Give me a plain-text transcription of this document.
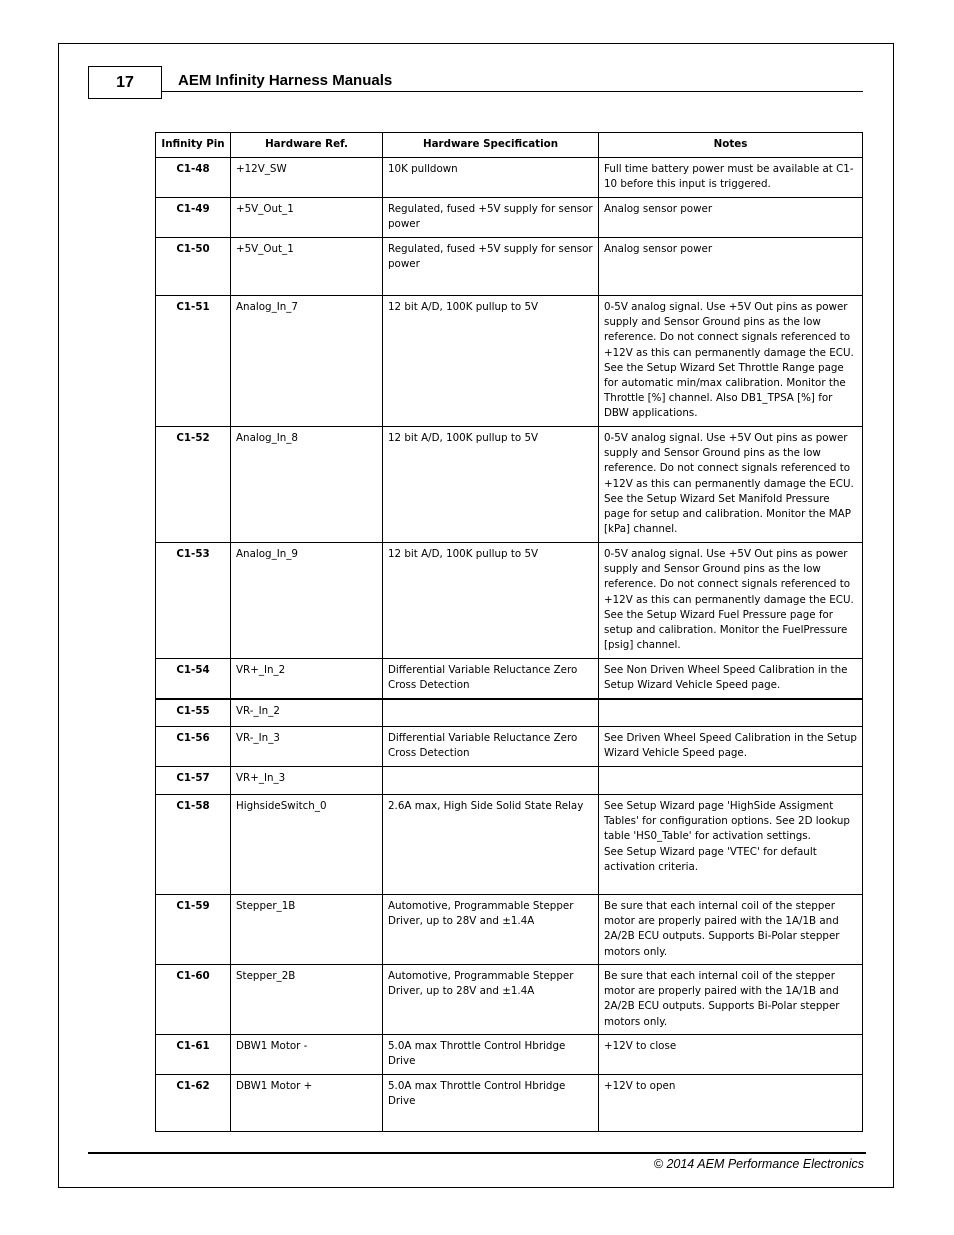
17	AEM Infinity Harness Manuals
Infinity Pin	Hardware Ref.	Hardware Specification	Notes
C1-48	+12V_SW	10K pulldown	Full time battery power must be available at C1-10 before this input is triggered.
C1-49	+5V_Out_1	Regulated, fused +5V supply for sensor power	Analog sensor power
C1-50	+5V_Out_1	Regulated, fused +5V supply for sensor power	Analog sensor power
C1-51	Analog_In_7	12 bit A/D, 100K pullup to 5V	0-5V analog signal. Use +5V Out pins as power supply and Sensor Ground pins as the low reference. Do not connect signals referenced to +12V as this can permanently damage the ECU. See the Setup Wizard Set Throttle Range page for automatic min/max calibration. Monitor the Throttle [%] channel. Also DB1_TPSA [%] for DBW applications.
C1-52	Analog_In_8	12 bit A/D, 100K pullup to 5V	0-5V analog signal. Use +5V Out pins as power supply and Sensor Ground pins as the low reference. Do not connect signals referenced to +12V as this can permanently damage the ECU. See the Setup Wizard Set Manifold Pressure page for setup and calibration. Monitor the MAP [kPa] channel.
C1-53	Analog_In_9	12 bit A/D, 100K pullup to 5V	0-5V analog signal. Use +5V Out pins as power supply and Sensor Ground pins as the low reference. Do not connect signals referenced to +12V as this can permanently damage the ECU. See the Setup Wizard Fuel Pressure page for setup and calibration. Monitor the FuelPressure [psig] channel.
C1-54	VR+_In_2	Differential Variable Reluctance Zero Cross Detection	See Non Driven Wheel Speed Calibration in the Setup Wizard Vehicle Speed page.
C1-55	VR-_In_2		
C1-56	VR-_In_3	Differential Variable Reluctance Zero Cross Detection	See Driven Wheel Speed Calibration in the Setup Wizard Vehicle Speed page.
C1-57	VR+_In_3		
C1-58	HighsideSwitch_0	2.6A max, High Side Solid State Relay	See Setup Wizard page 'HighSide Assigment Tables' for configuration options. See 2D lookup table 'HS0_Table' for activation settings.
See Setup Wizard page 'VTEC' for default activation criteria.
C1-59	Stepper_1B	Automotive, Programmable Stepper Driver, up to 28V and ±1.4A	Be sure that each internal coil of the stepper motor are properly paired with the 1A/1B and 2A/2B ECU outputs. Supports Bi-Polar stepper motors only.
C1-60	Stepper_2B	Automotive, Programmable Stepper Driver, up to 28V and ±1.4A	Be sure that each internal coil of the stepper motor are properly paired with the 1A/1B and 2A/2B ECU outputs. Supports Bi-Polar stepper motors only.
C1-61	DBW1 Motor -	5.0A max Throttle Control Hbridge Drive	+12V to close
C1-62	DBW1 Motor +	5.0A max Throttle Control Hbridge Drive	+12V to open
© 2014 AEM Performance Electronics
